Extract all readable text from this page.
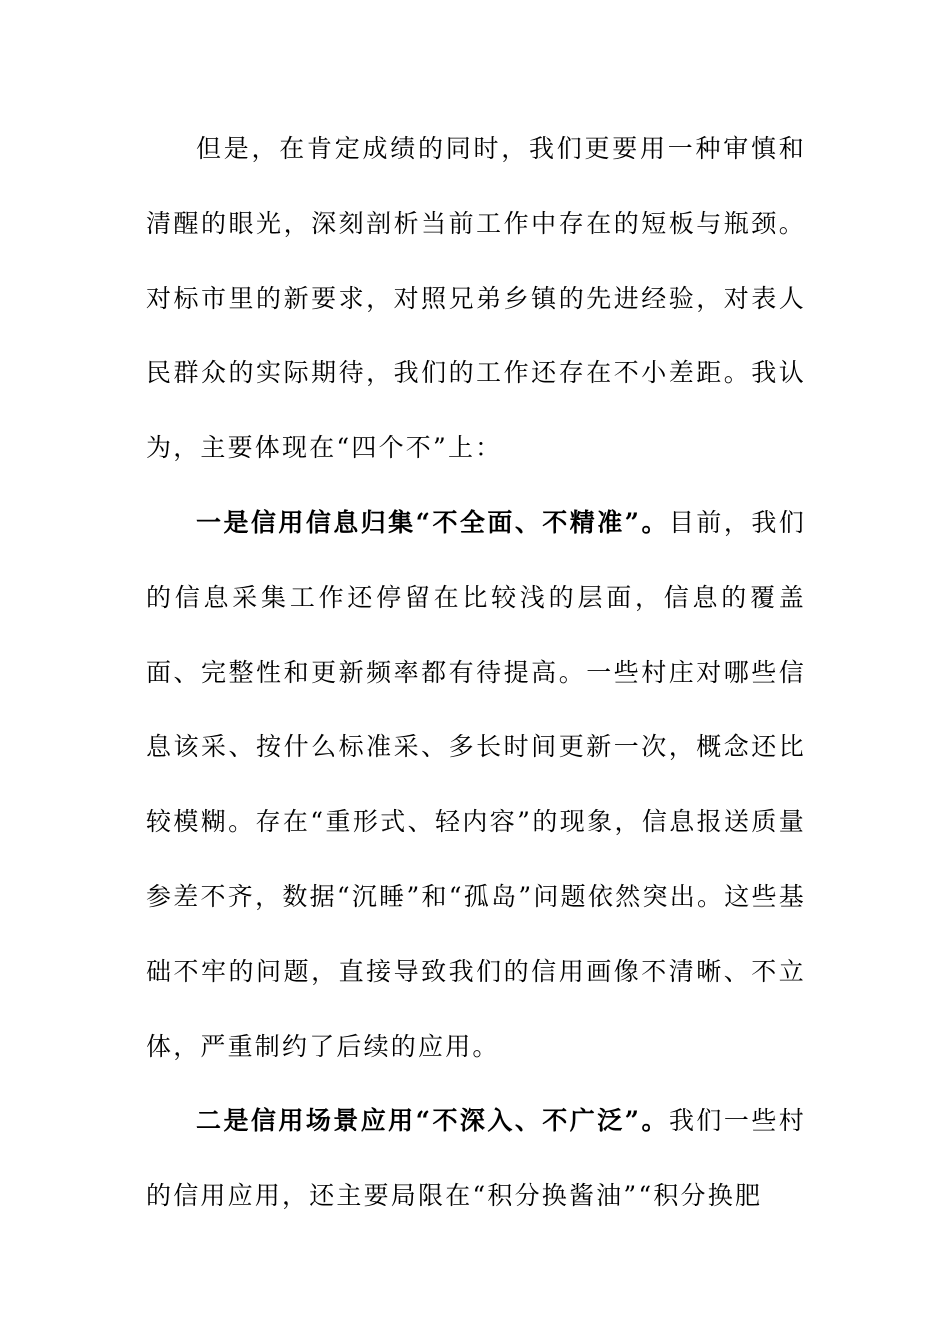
但是，在肯定成绩的同时，我们更要用一种审慎和清醒的眼光，深刻剖析当前工作中存在的短板与瓶颈。对标市里的新要求，对照兄弟乡镇的先进经验，对表人民群众的实际期待，我们的工作还存在不小差距。我认为，主要体现在“四个不”上：

一是信用信息归集“不全面、不精准”。目前，我们的信息采集工作还停留在比较浅的层面，信息的覆盖面、完整性和更新频率都有待提高。一些村庄对哪些信息该采、按什么标准采、多长时间更新一次，概念还比较模糊。存在“重形式、轻内容”的现象，信息报送质量参差不齐，数据“沉睡”和“孤岛”问题依然突出。这些基础不牢的问题，直接导致我们的信用画像不清晰、不立体，严重制约了后续的应用。

二是信用场景应用“不深入、不广泛”。我们一些村的信用应用，还主要局限在“积分换酱油”“积分换肥
